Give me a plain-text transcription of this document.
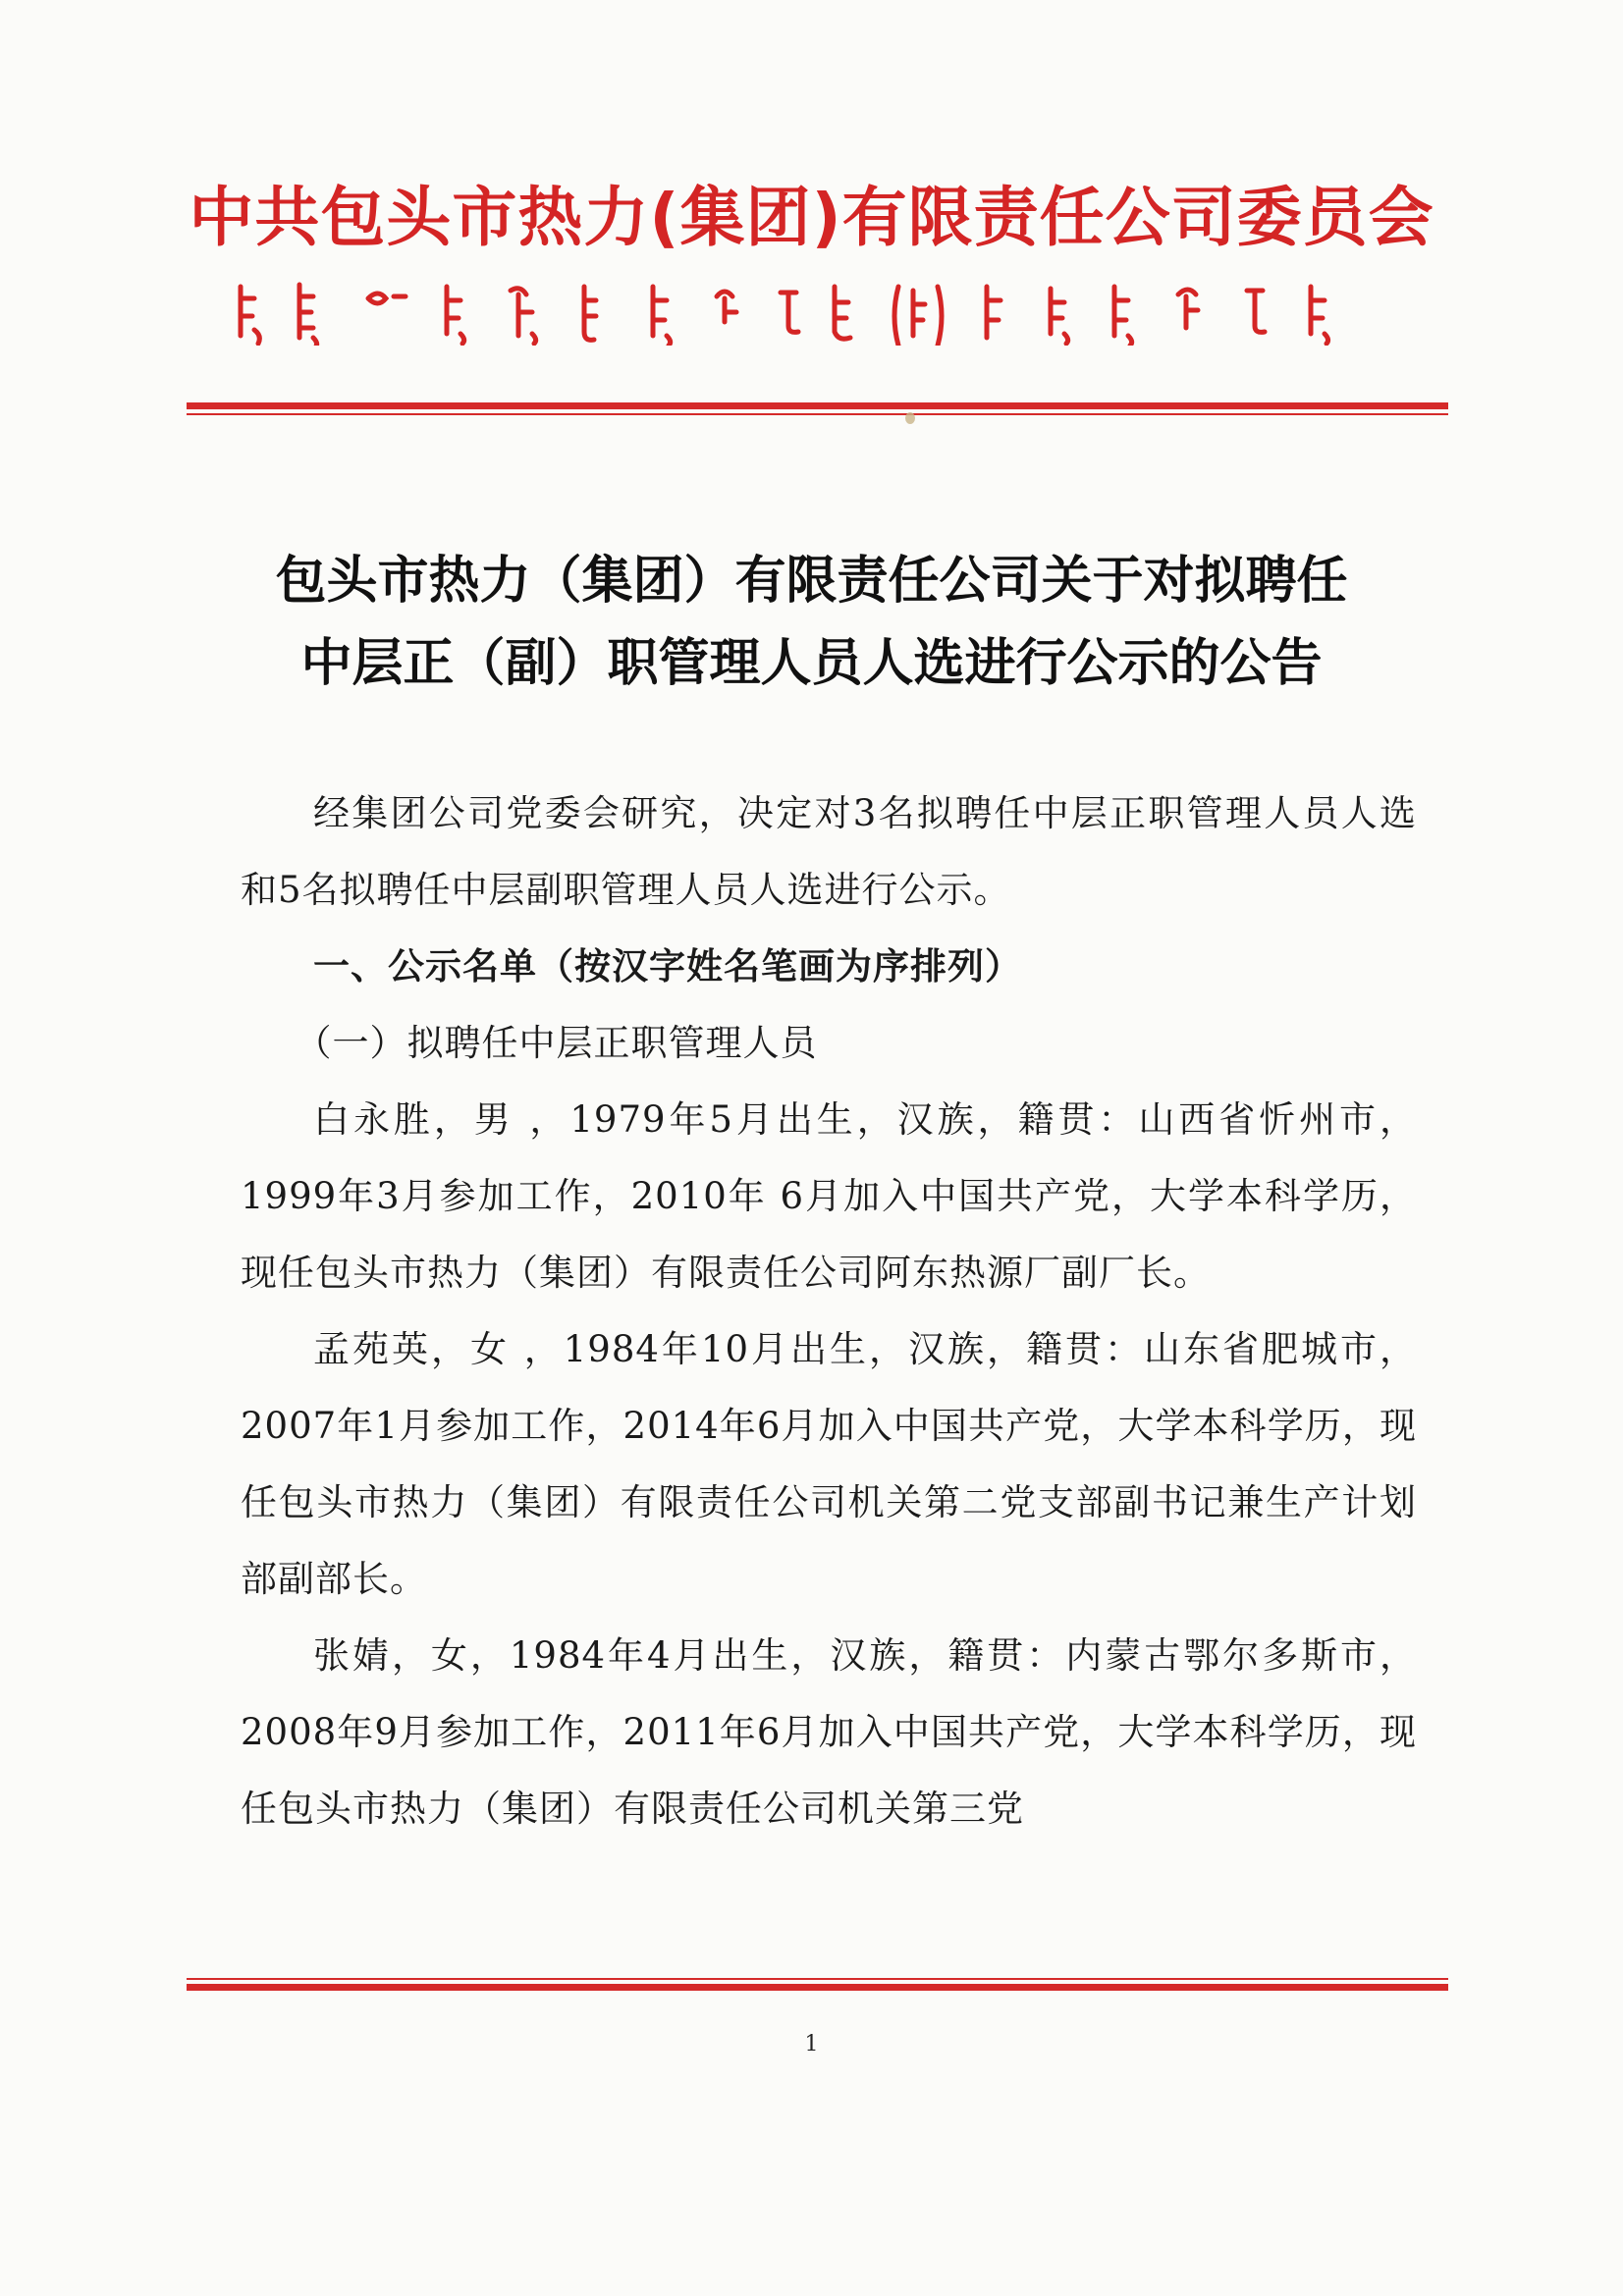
中共包头市热力(集团)有限责任公司委员会
包头市热力（集团）有限责任公司关于对拟聘任
中层正（副）职管理人员人选进行公示的公告

经集团公司党委会研究，决定对3名拟聘任中层正职管理人员人选和5名拟聘任中层副职管理人员人选进行公示。

一、公示名单（按汉字姓名笔画为序排列）

（一）拟聘任中层正职管理人员

白永胜，男 ，1979年5月出生，汉族，籍贯：山西省忻州市，1999年3月参加工作，2010年 6月加入中国共产党，大学本科学历，现任包头市热力（集团）有限责任公司阿东热源厂副厂长。

孟苑英，女 ，1984年10月出生，汉族，籍贯：山东省肥城市，2007年1月参加工作，2014年6月加入中国共产党，大学本科学历，现任包头市热力（集团）有限责任公司机关第二党支部副书记兼生产计划部副部长。

张婧，女，1984年4月出生，汉族，籍贯：内蒙古鄂尔多斯市，2008年9月参加工作，2011年6月加入中国共产党，大学本科学历，现任包头市热力（集团）有限责任公司机关第三党

1
